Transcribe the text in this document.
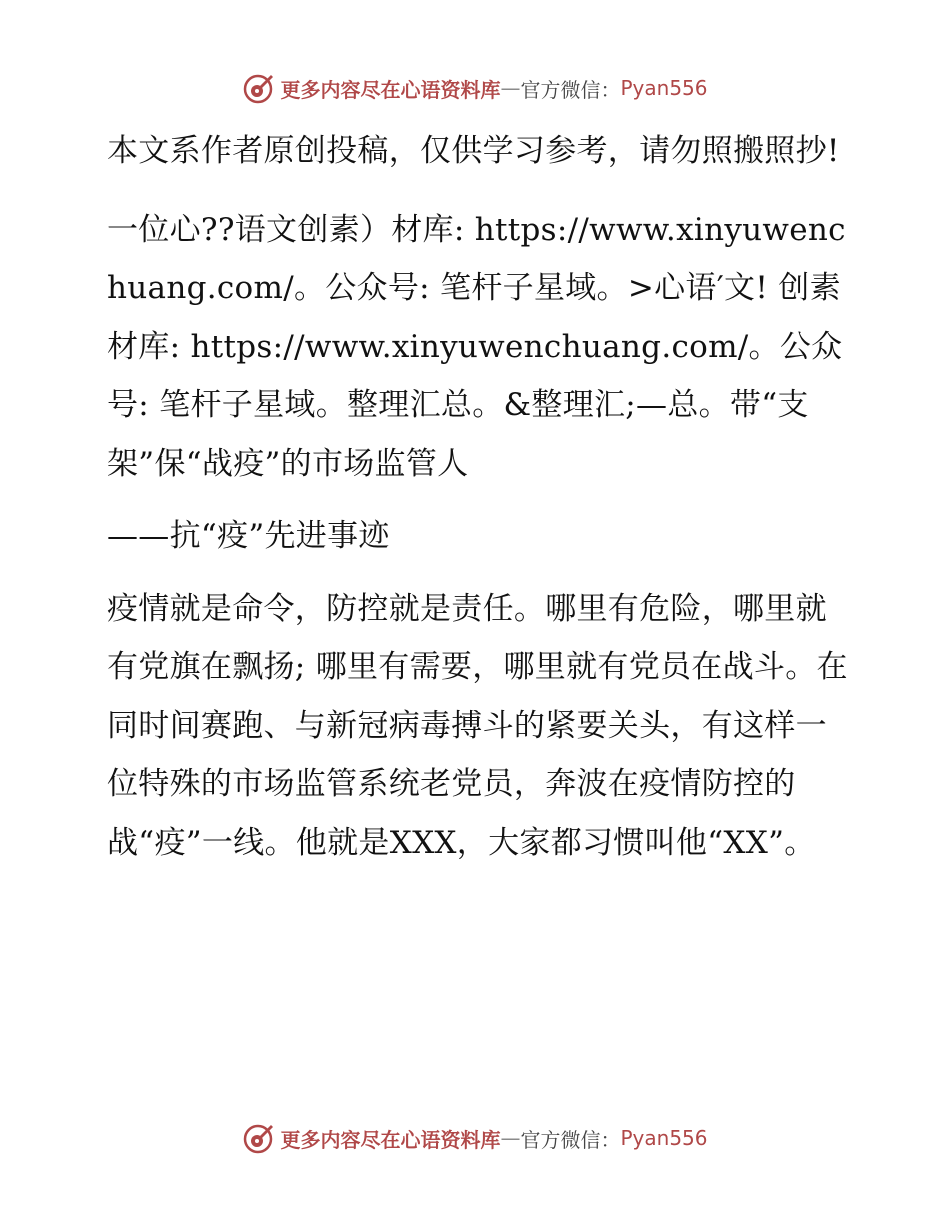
更多内容尽在心语资料库 — 官方微信： Pyan556

本文系作者原创投稿，仅供学习参考，请勿照搬照抄!

一位心??语文创素）材库: https://www.xinyuwenchuang.com/。公众号: 笔杆子星域。>心语′文! 创素材库: https://www.xinyuwenchuang.com/。公众号: 笔杆子星域。整理汇总。&整理汇;—总。带“支架”保“战疫”的市场监管人

——抗“疫”先进事迹

疫情就是命令，防控就是责任。哪里有危险，哪里就有党旗在飘扬; 哪里有需要，哪里就有党员在战斗。在同时间赛跑、与新冠病毒搏斗的紧要关头，有这样一位特殊的市场监管系统老党员，奔波在疫情防控的战“疫”一线。他就是XXX，大家都习惯叫他“XX”。

更多内容尽在心语资料库 — 官方微信： Pyan556
